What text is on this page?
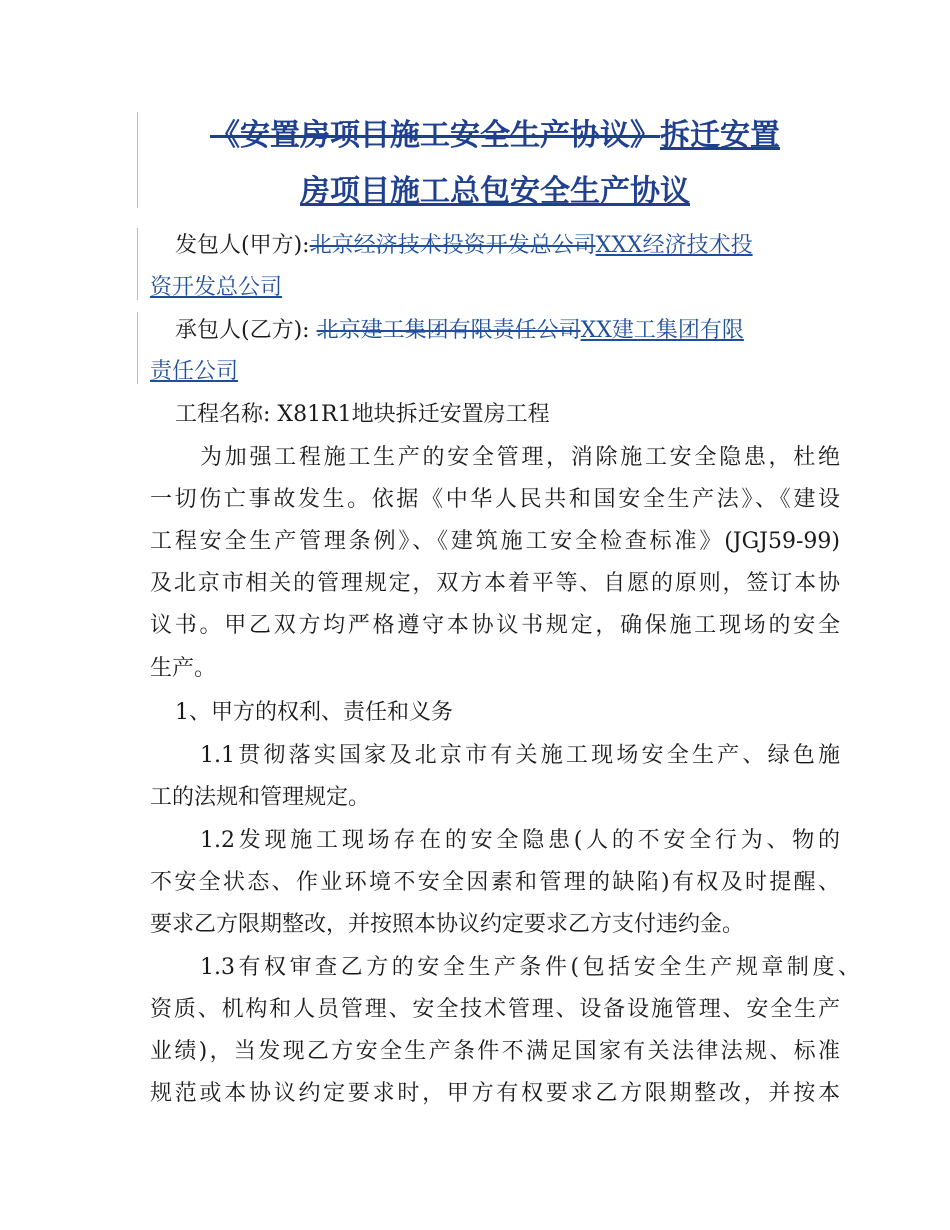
《安置房项目施工安全生产协议》拆迁安置
房项目施工总包安全生产协议
发包人(甲方):北京经济技术投资开发总公司XXX经济技术投
资开发总公司
承包人(乙方): 北京建工集团有限责任公司XX建工集团有限
责任公司
工程名称: X81R1地块拆迁安置房工程
为加强工程施工生产的安全管理，消除施工安全隐患，杜绝
一切伤亡事故发生。依据《中华人民共和国安全生产法》、《建设
工程安全生产管理条例》、《建筑施工安全检查标准》(JGJ59-99)
及北京市相关的管理规定，双方本着平等、自愿的原则，签订本协
议书。甲乙双方均严格遵守本协议书规定，确保施工现场的安全
生产。
1、甲方的权利、责任和义务
1.1贯彻落实国家及北京市有关施工现场安全生产、绿色施
工的法规和管理规定。
1.2发现施工现场存在的安全隐患(人的不安全行为、物的
不安全状态、作业环境不安全因素和管理的缺陷)有权及时提醒、
要求乙方限期整改，并按照本协议约定要求乙方支付违约金。
1.3有权审查乙方的安全生产条件(包括安全生产规章制度、
资质、机构和人员管理、安全技术管理、设备设施管理、安全生产
业绩)，当发现乙方安全生产条件不满足国家有关法律法规、标准
规范或本协议约定要求时，甲方有权要求乙方限期整改，并按本
